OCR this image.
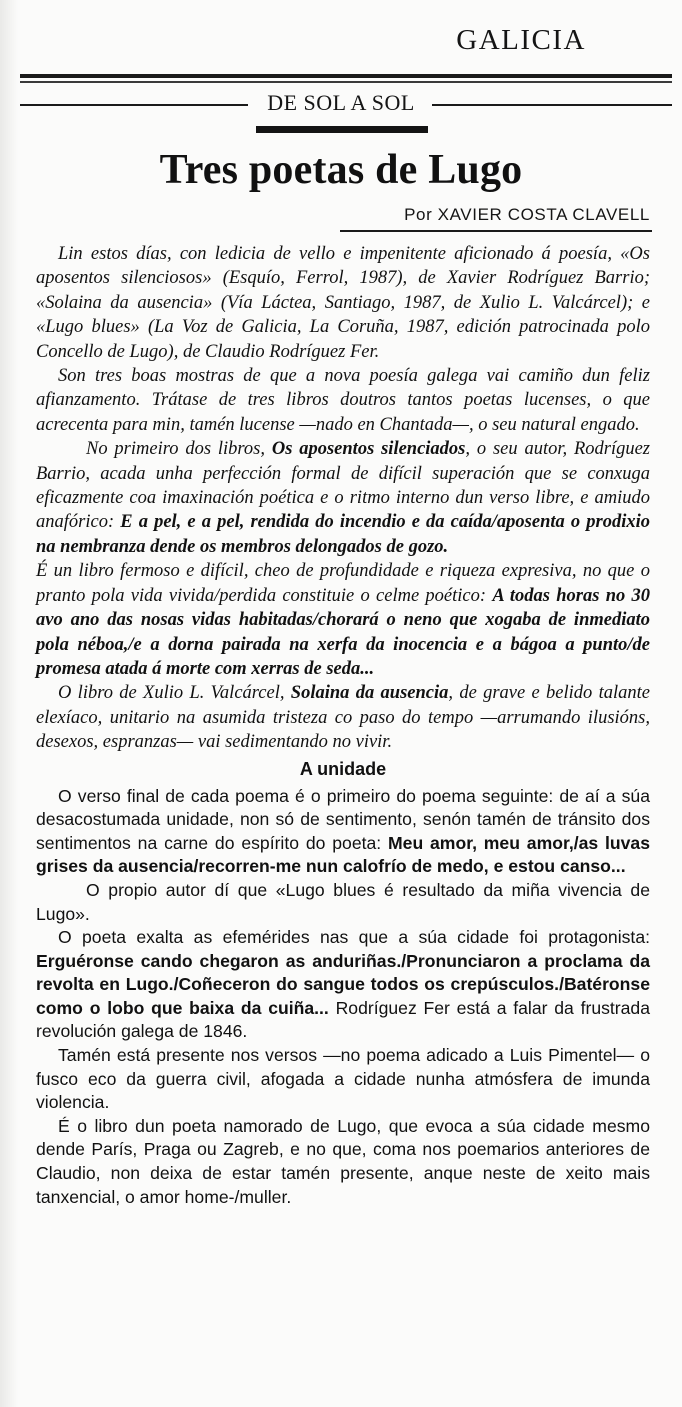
GALICIA
DE SOL A SOL
Tres poetas de Lugo
Por XAVIER COSTA CLAVELL

Lin estos días, con ledicia de vello e impenitente aficionado á poesía, «Os aposentos silenciosos» (Esquío, Ferrol, 1987), de Xavier Rodríguez Barrio; «Solaina da ausencia» (Vía Láctea, Santiago, 1987, de Xulio L. Valcárcel); e «Lugo blues» (La Voz de Galicia, La Coruña, 1987, edición patrocinada polo Concello de Lugo), de Claudio Rodríguez Fer.

Son tres boas mostras de que a nova poesía galega vai camiño dun feliz afianzamento. Trátase de tres libros doutros tantos poetas lucenses, o que acrecenta para min, tamén lucense —nado en Chantada—, o seu natural engado.

No primeiro dos libros, Os aposentos silenciados, o seu autor, Rodríguez Barrio, acada unha perfección formal de difícil superación que se conxuga eficazmente coa imaxinación poética e o ritmo interno dun verso libre, e amiudo anafórico: E a pel, e a pel, rendida do incendio e da caída/aposenta o prodixio na nembranza dende os membros delongados de gozo.

É un libro fermoso e difícil, cheo de profundidade e riqueza expresiva, no que o pranto pola vida vivida/perdida constituie o celme poético: A todas horas no 30 avo ano das nosas vidas habitadas/chorará o neno que xogaba de inmediato pola néboa,/e a dorna pairada na xerfa da inocencia e a bágoa a punto/de promesa atada á morte com xerras de seda...

O libro de Xulio L. Valcárcel, Solaina da ausencia, de grave e belido talante elexíaco, unitario na asumida tristeza co paso do tempo —arrumando ilusións, desexos, espranzas— vai sedimentando no vivir.

A unidade

O verso final de cada poema é o primeiro do poema seguinte: de aí a súa desacostumada unidade, non só de sentimento, senón tamén de tránsito dos sentimentos na carne do espírito do poeta: Meu amor, meu amor,/as luvas grises da ausencia/recorren-me nun calofrío de medo, e estou canso...

O propio autor dí que «Lugo blues é resultado da miña vivencia de Lugo».

O poeta exalta as efemérides nas que a súa cidade foi protagonista: Erguéronse cando chegaron as anduriñas./Pronunciaron a proclama da revolta en Lugo./Coñeceron do sangue todos os crepúsculos./Batéronse como o lobo que baixa da cuiña... Rodríguez Fer está a falar da frustrada revolución galega de 1846.

Tamén está presente nos versos —no poema adicado a Luis Pimentel— o fusco eco da guerra civil, afogada a cidade nunha atmósfera de imunda violencia.

É o libro dun poeta namorado de Lugo, que evoca a súa cidade mesmo dende París, Praga ou Zagreb, e no que, coma nos poemarios anteriores de Claudio, non deixa de estar tamén presente, anque neste de xeito mais tanxencial, o amor home-/muller.
